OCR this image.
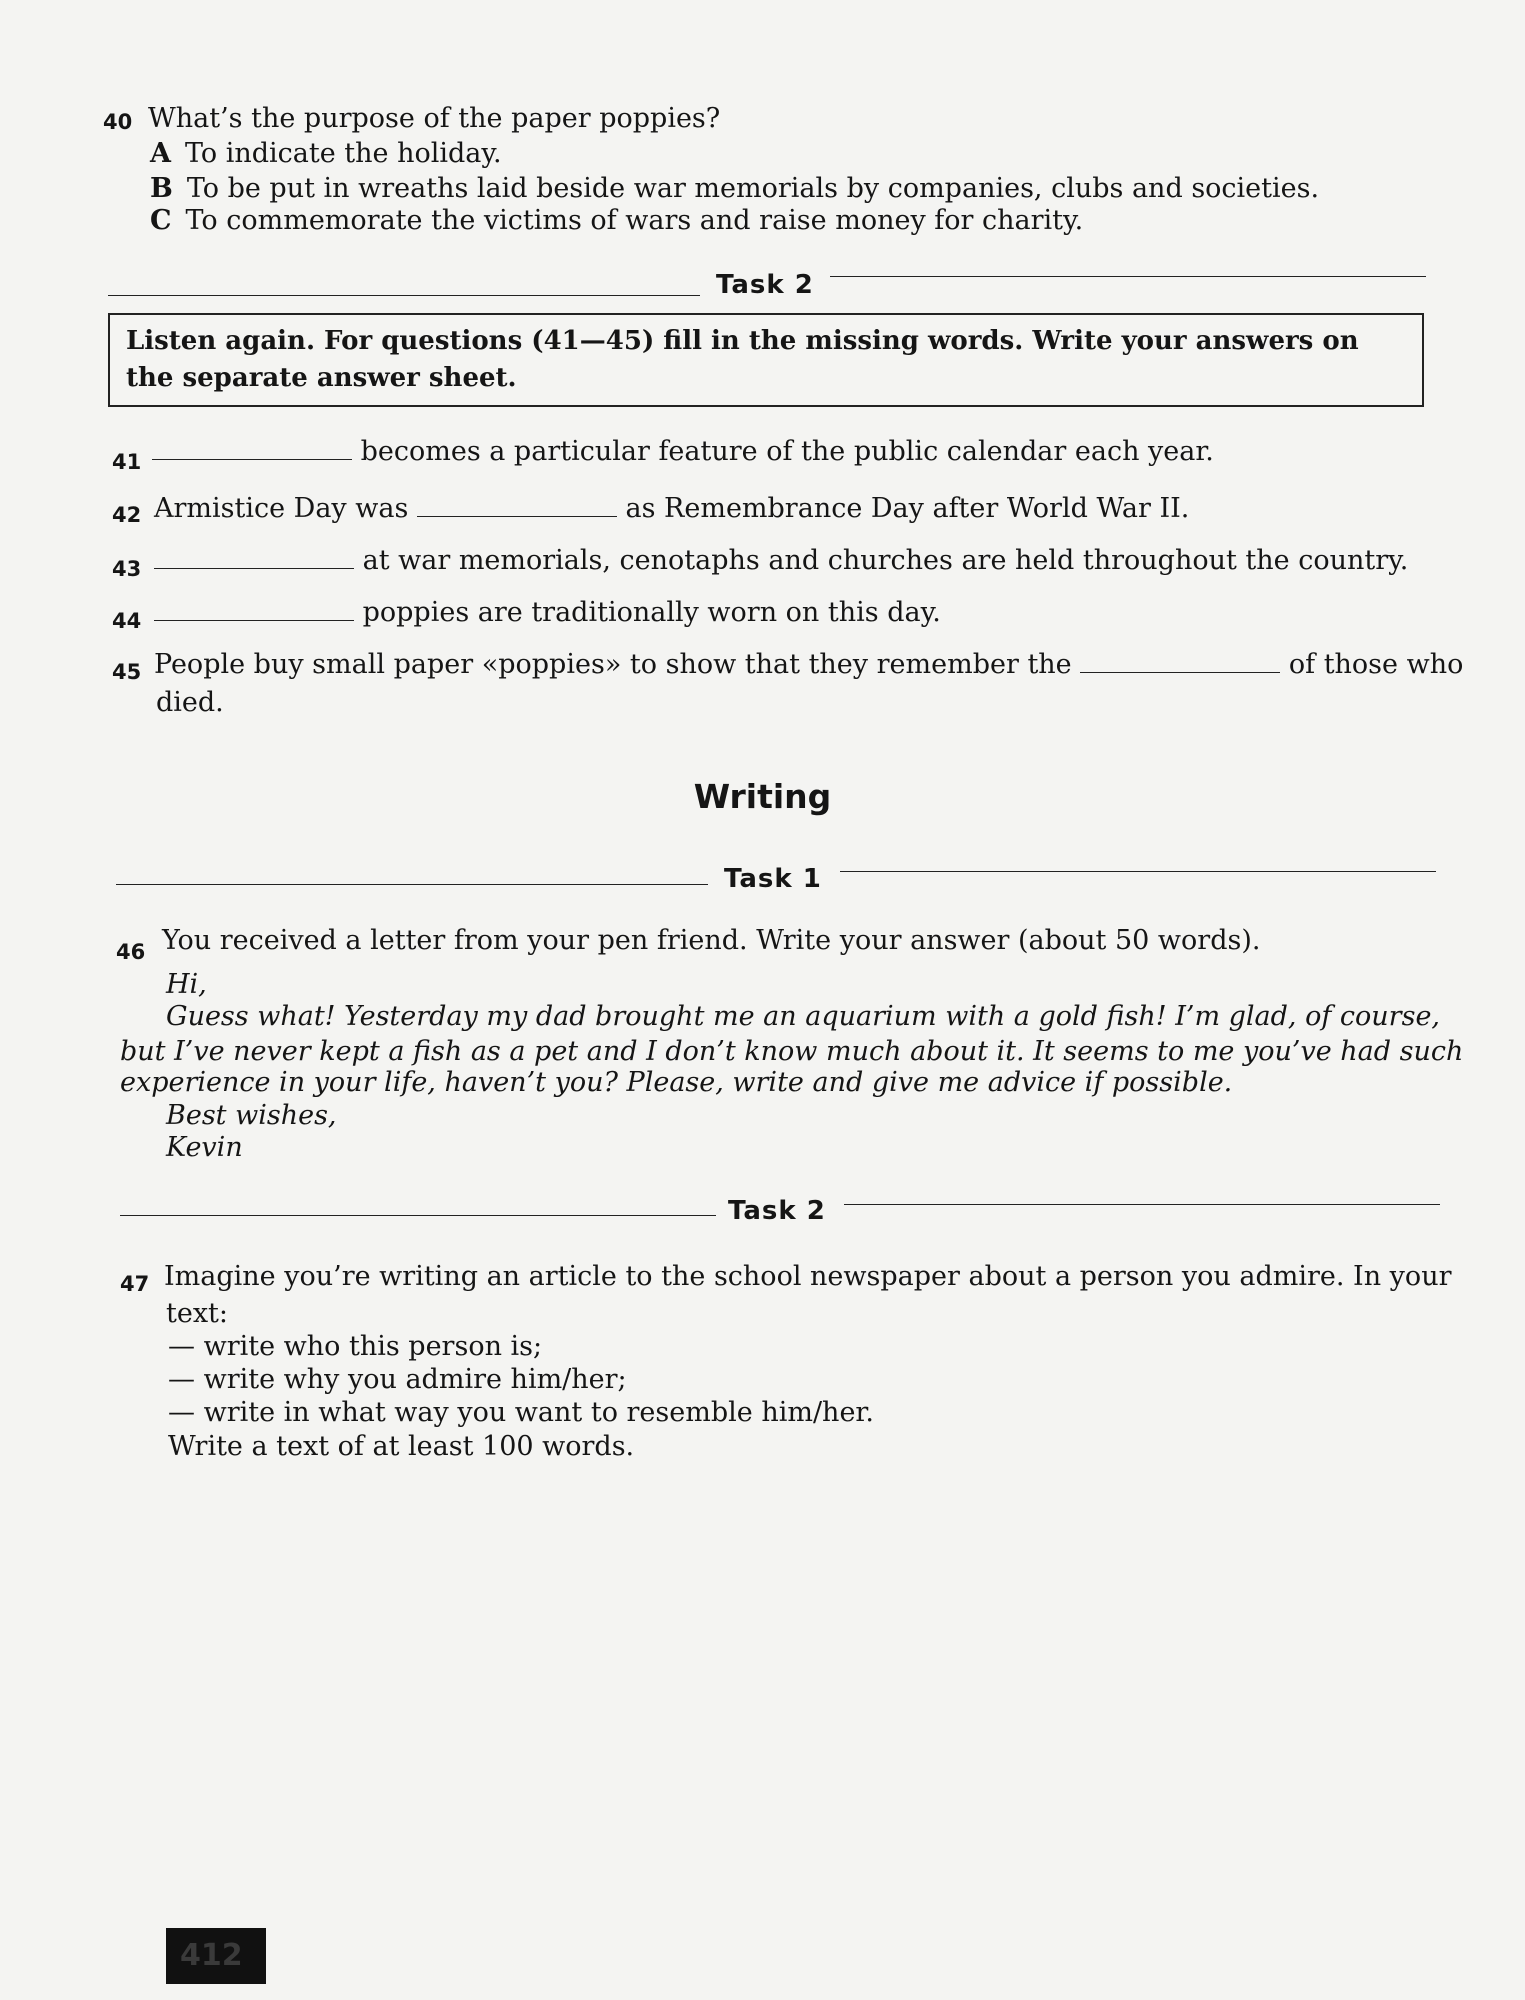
40 What’s the purpose of the paper poppies?
A To indicate the holiday.
B To be put in wreaths laid beside war memorials by companies, clubs and societies.
C To commemorate the victims of wars and raise money for charity.
Task 2
Listen again. For questions (41—45) fill in the missing words. Write your answers on the separate answer sheet.
41	becomes a particular feature of the public calendar each year.
42 Armistice Day was	as Remembrance Day after World War II.
43	at war memorials, cenotaphs and churches are held throughout the country.
44	poppies are traditionally worn on this day.
45 People buy small paper «poppies» to show that they remember the	of those who
died.
Writing
Task 1
46 You received a letter from your pen friend. Write your answer (about 50 words).
Hi,
Guess what! Yesterday my dad brought me an aquarium with a gold fish! I’m glad, of course,
but I’ve never kept a fish as a pet and I don’t know much about it. It seems to me you’ve had such
experience in your life, haven’t you? Please, write and give me advice if possible.
Best wishes,
Kevin
Task 2
47 Imagine you’re writing an article to the school newspaper about a person you admire. In your
text:
— write who this person is;
— write why you admire him/her;
— write in what way you want to resemble him/her.
Write a text of at least 100 words.
412
